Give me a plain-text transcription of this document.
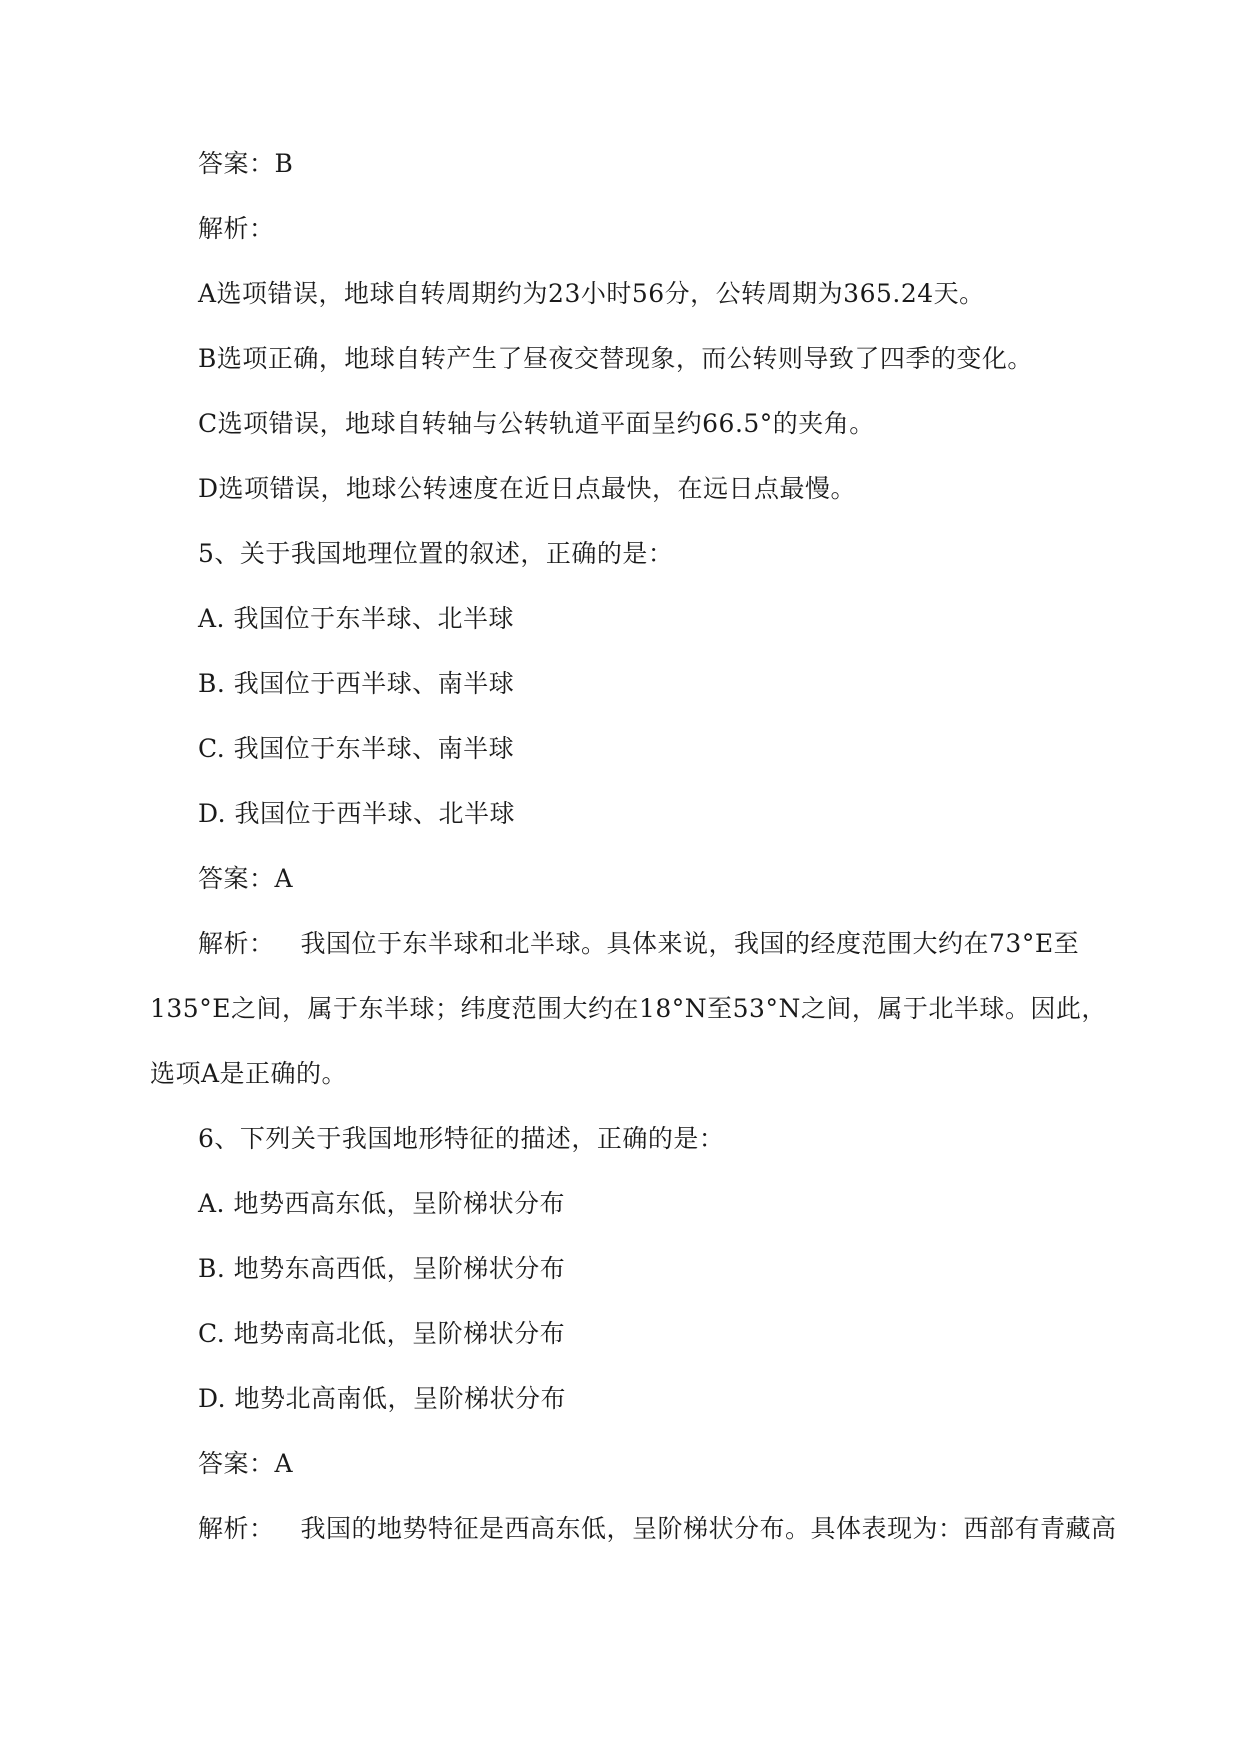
答案：B
解析：
A选项错误，地球自转周期约为23小时56分，公转周期为365.24天。
B选项正确，地球自转产生了昼夜交替现象，而公转则导致了四季的变化。
C选项错误，地球自转轴与公转轨道平面呈约66.5°的夹角。
D选项错误，地球公转速度在近日点最快，在远日点最慢。
5、关于我国地理位置的叙述，正确的是：
A. 我国位于东半球、北半球
B. 我国位于西半球、南半球
C. 我国位于东半球、南半球
D. 我国位于西半球、北半球
答案：A
解析： 我国位于东半球和北半球。具体来说，我国的经度范围大约在73°E至
135°E之间，属于东半球；纬度范围大约在18°N至53°N之间，属于北半球。因此，
选项A是正确的。
6、下列关于我国地形特征的描述，正确的是：
A. 地势西高东低，呈阶梯状分布
B. 地势东高西低，呈阶梯状分布
C. 地势南高北低，呈阶梯状分布
D. 地势北高南低，呈阶梯状分布
答案：A
解析： 我国的地势特征是西高东低，呈阶梯状分布。具体表现为：西部有青藏高
